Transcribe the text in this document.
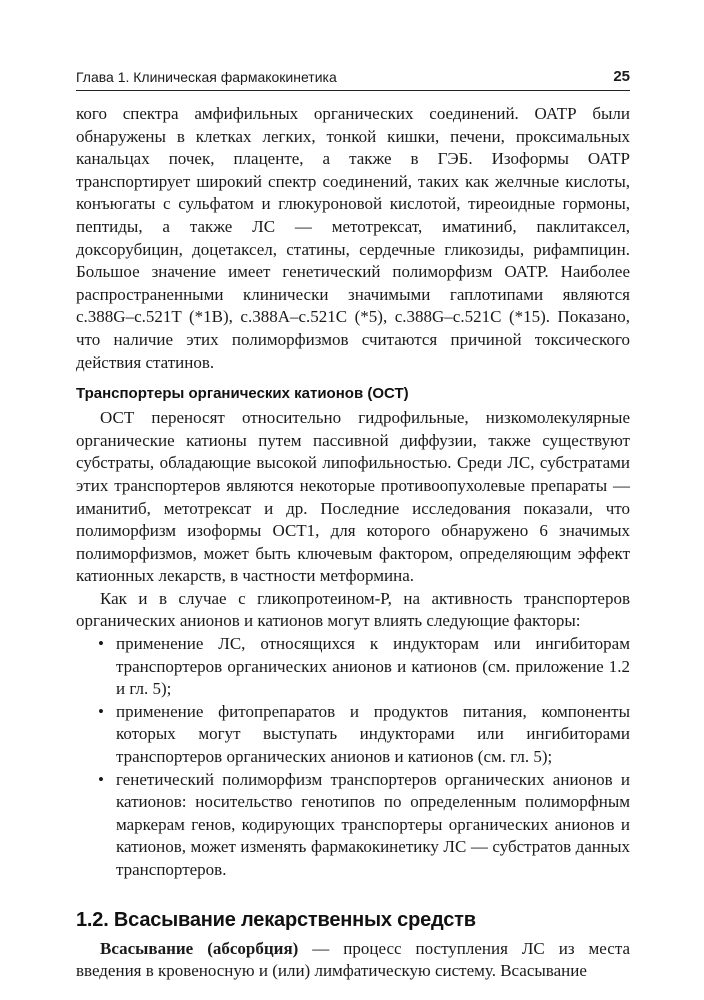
Глава 1. Клиническая фармакокинетика	25

кого спектра амфифильных органических соединений. ОАТР были обнаружены в клетках легких, тонкой кишки, печени, проксимальных канальцах почек, плаценте, а также в ГЭБ. Изоформы ОАТР транспортирует широкий спектр соединений, таких как желчные кислоты, конъюгаты с сульфатом и глюкуроновой кислотой, тиреоидные гормоны, пептиды, а также ЛС — метотрексат, иматиниб, паклитаксел, доксорубицин, доцетаксел, статины, сердечные гликозиды, рифампицин. Большое значение имеет генетический полиморфизм ОАТР. Наиболее распространенными клинически значимыми гаплотипами являются c.388G–c.521T (*1B), c.388A–c.521C (*5), c.388G–c.521C (*15). Показано, что наличие этих полиморфизмов считаются причиной токсического действия статинов.

Транспортеры органических катионов (ОСТ)

ОСТ переносят относительно гидрофильные, низкомолекулярные органические катионы путем пассивной диффузии, также существуют субстраты, обладающие высокой липофильностью. Среди ЛС, субстратами этих транспортеров являются некоторые противоопухолевые препараты — иманитиб, метотрексат и др. Последние исследования показали, что полиморфизм изоформы ОСТ1, для которого обнаружено 6 значимых полиморфизмов, может быть ключевым фактором, определяющим эффект катионных лекарств, в частности метформина.

Как и в случае с гликопротеином-Р, на активность транспортеров органических анионов и катионов могут влиять следующие факторы:

• применение ЛС, относящихся к индукторам или ингибиторам транспортеров органических анионов и катионов (см. приложение 1.2 и гл. 5);
• применение фитопрепаратов и продуктов питания, компоненты которых могут выступать индукторами или ингибиторами транспортеров органических анионов и катионов (см. гл. 5);
• генетический полиморфизм транспортеров органических анионов и катионов: носительство генотипов по определенным полиморфным маркерам генов, кодирующих транспортеры органических анионов и катионов, может изменять фармакокинетику ЛС — субстратов данных транспортеров.
1.2. Всасывание лекарственных средств

Всасывание (абсорбция) — процесс поступления ЛС из места введения в кровеносную и (или) лимфатическую систему. Всасывание
